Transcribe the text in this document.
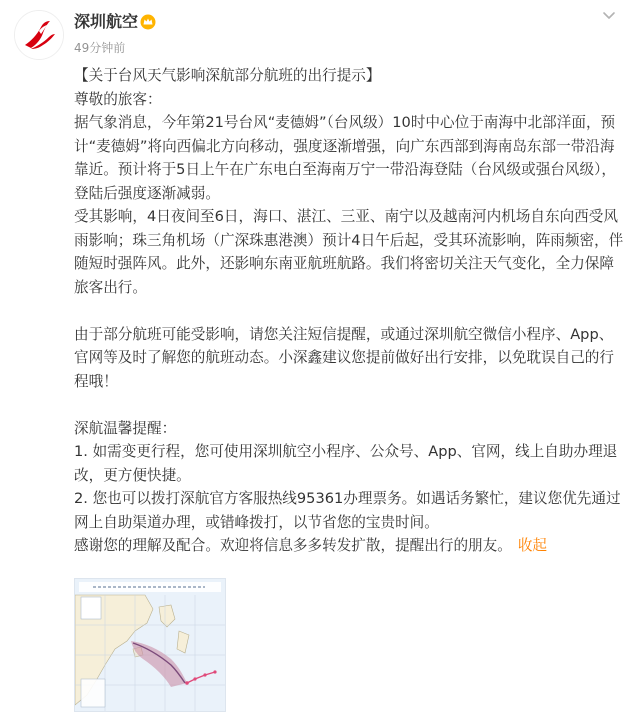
深圳航空
49分钟前

【关于台风天气影响深航部分航班的出行提示】

尊敬的旅客：

据气象消息，今年第21号台风“麦德姆”（台风级）10时中心位于南海中北部洋面，预计“麦德姆”将向西偏北方向移动，强度逐渐增强，向广东西部到海南岛东部一带沿海靠近。预计将于5日上午在广东电白至海南万宁一带沿海登陆（台风级或强台风级），登陆后强度逐渐减弱。

受其影响，4日夜间至6日，海口、湛江、三亚、南宁以及越南河内机场自东向西受风雨影响；珠三角机场（广深珠惠港澳）预计4日午后起，受其环流影响，阵雨频密，伴随短时强阵风。此外，还影响东南亚航班航路。我们将密切关注天气变化，全力保障旅客出行。

由于部分航班可能受影响，请您关注短信提醒，或通过深圳航空微信小程序、App、官网等及时了解您的航班动态。小深鑫建议您提前做好出行安排，以免耽误自己的行程哦！

深航温馨提醒：

1. 如需变更行程，您可使用深圳航空小程序、公众号、App、官网，线上自助办理退改，更方便快捷。

2. 您也可以拨打深航官方客服热线95361办理票务。如遇话务繁忙，建议您优先通过网上自助渠道办理，或错峰拨打，以节省您的宝贵时间。

感谢您的理解及配合。欢迎将信息多多转发扩散，提醒出行的朋友。 收起
